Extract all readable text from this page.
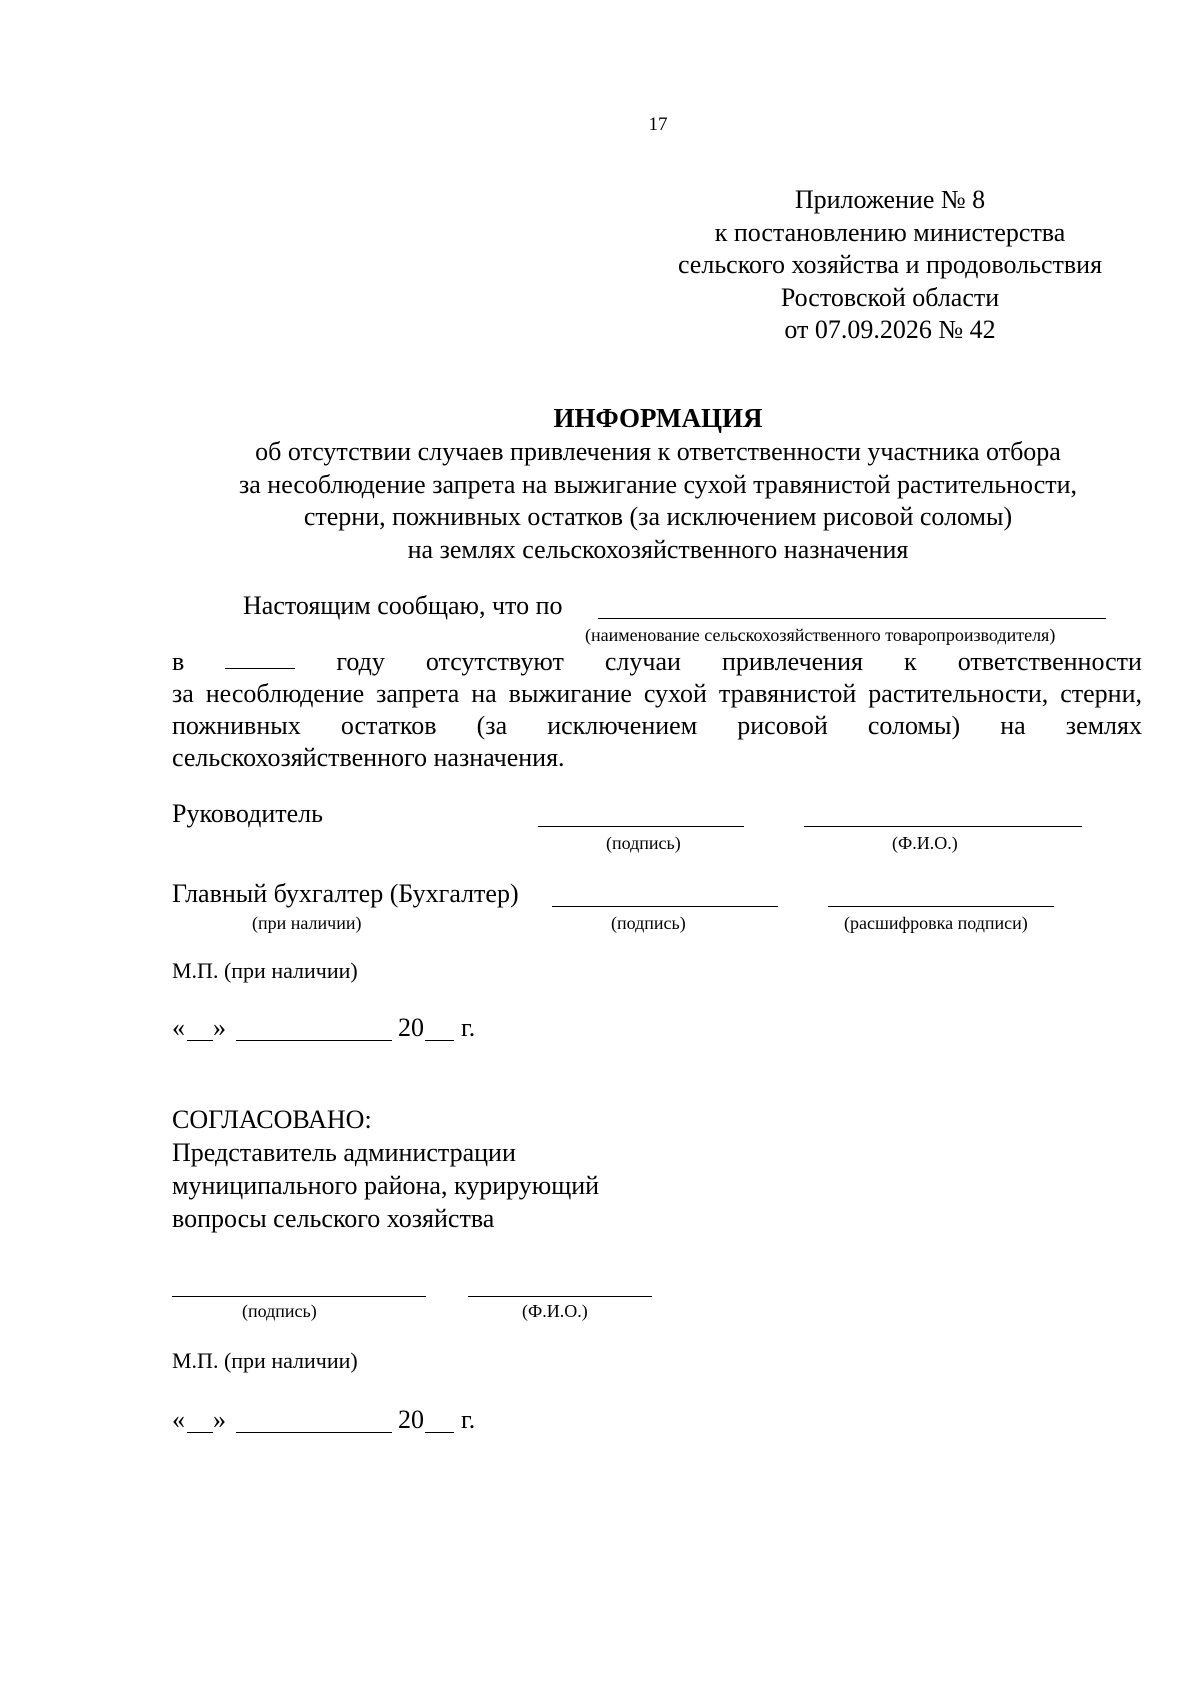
17
Приложение № 8
к постановлению министерства
сельского хозяйства и продовольствия
Ростовской области
от 07.09.2026 № 42
ИНФОРМАЦИЯ
об отсутствии случаев привлечения к ответственности участника отбора
за несоблюдение запрета на выжигание сухой травянистой растительности,
стерни, пожнивных остатков (за исключением рисовой соломы)
на землях сельскохозяйственного назначения
Настоящим сообщаю, что по
(наименование сельскохозяйственного товаропроизводителя)
в	году отсутствуют случаи привлечения к ответственности
за несоблюдение запрета на выжигание сухой травянистой растительности, стерни, пожнивных остатков (за исключением рисовой соломы) на землях сельскохозяйственного назначения.
Руководитель
(подпись)	(Ф.И.О.)
Главный бухгалтер (Бухгалтер)
(при наличии)	(подпись)	(расшифровка подписи)
М.П. (при наличии)
« »	20 г.
СОГЛАСОВАНО:
Представитель администрации
муниципального района, курирующий
вопросы сельского хозяйства
(подпись)	(Ф.И.О.)
М.П. (при наличии)
« »	20 г.
